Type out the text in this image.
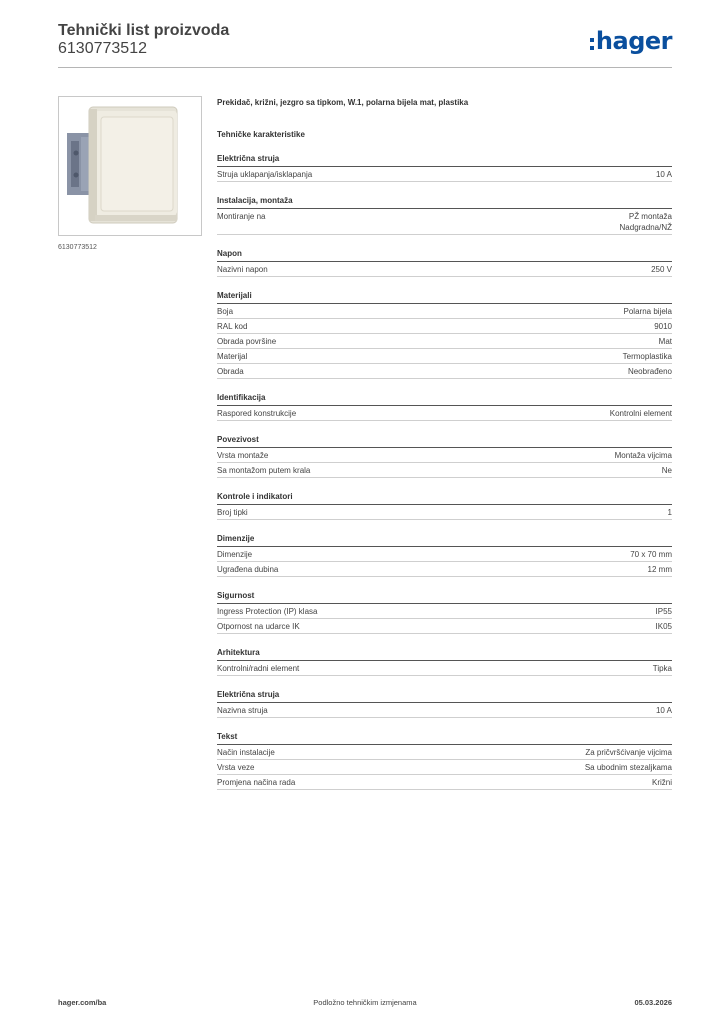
Tehnički list proizvoda
6130773512	hager
6130773512

Prekidač, križni, jezgro sa tipkom, W.1, polarna bijela mat, plastika

Tehničke karakteristike
Električna struja
Struja uklapanja/isklapanja	10 A
Instalacija, montaža
Montiranje na	PŽ montaža
Nadgradna/NŽ
Napon
Nazivni napon	250 V
Materijali
Boja	Polarna bijela
RAL kod	9010
Obrada površine	Mat
Materijal	Termoplastika
Obrada	Neobrađeno
Identifikacija
Raspored konstrukcije	Kontrolni element
Povezivost
Vrsta montaže	Montaža vijcima
Sa montažom putem krala	Ne
Kontrole i indikatori
Broj tipki	1
Dimenzije
Dimenzije	70 x 70 mm
Ugrađena dubina	12 mm
Sigurnost
Ingress Protection (IP) klasa	IP55
Otpornost na udarce IK	IK05
Arhitektura
Kontrolni/radni element	Tipka
Električna struja
Nazivna struja	10 A
Tekst
Način instalacije	Za pričvršćivanje vijcima
Vrsta veze	Sa ubodnim stezaljkama
Promjena načina rada	Križni
hager.com/ba	Podložno tehničkim izmjenama	05.03.2026
